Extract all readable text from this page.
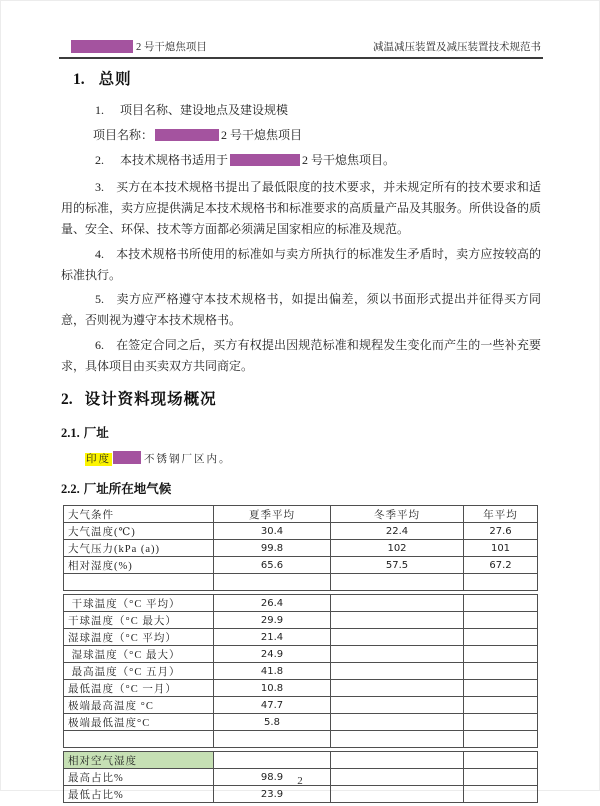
2 号干熄焦项目	减温减压装置及减压装置技术规范书
1. 总则
1. 项目名称、建设地点及建设规模
项目名称：	2 号干熄焦项目
2. 本技术规格书适用于	2 号干熄焦项目。

3. 买方在本技术规格书提出了最低限度的技术要求，并未规定所有的技术要求和适用的标准，卖方应提供满足本技术规格书和标准要求的高质量产品及其服务。所供设备的质量、安全、环保、技术等方面都必须满足国家相应的标准及规范。

4. 本技术规格书所使用的标准如与卖方所执行的标准发生矛盾时，卖方应按较高的标准执行。

5. 卖方应严格遵守本技术规格书，如提出偏差，须以书面形式提出并征得买方同意，否则视为遵守本技术规格书。

6. 在签定合同之后，买方有权提出因规范标准和规程发生变化而产生的一些补充要求，具体项目由买卖双方共同商定。

2. 设计资料现场概况
2.1. 厂址
印度	不锈钢厂区内。
2.2. 厂址所在地气候
大气条件	夏季平均	冬季平均	年平均
大气温度(℃)	30.4	22.4	27.6
大气压力(kPa (a))	99.8	102	101
相对湿度(%)	65.6	57.5	67.2

干球温度（°C 平均）	26.4		
干球温度（°C 最大）	29.9		
湿球温度（°C 平均）	21.4		
湿球温度（°C 最大）	24.9		
最高温度（°C 五月）	41.8		
最低温度（°C 一月）	10.8		
极端最高温度 °C	47.7		
极端最低温度°C	5.8		

相对空气湿度			
最高占比%	98.9		
最低占比%	23.9		
2
